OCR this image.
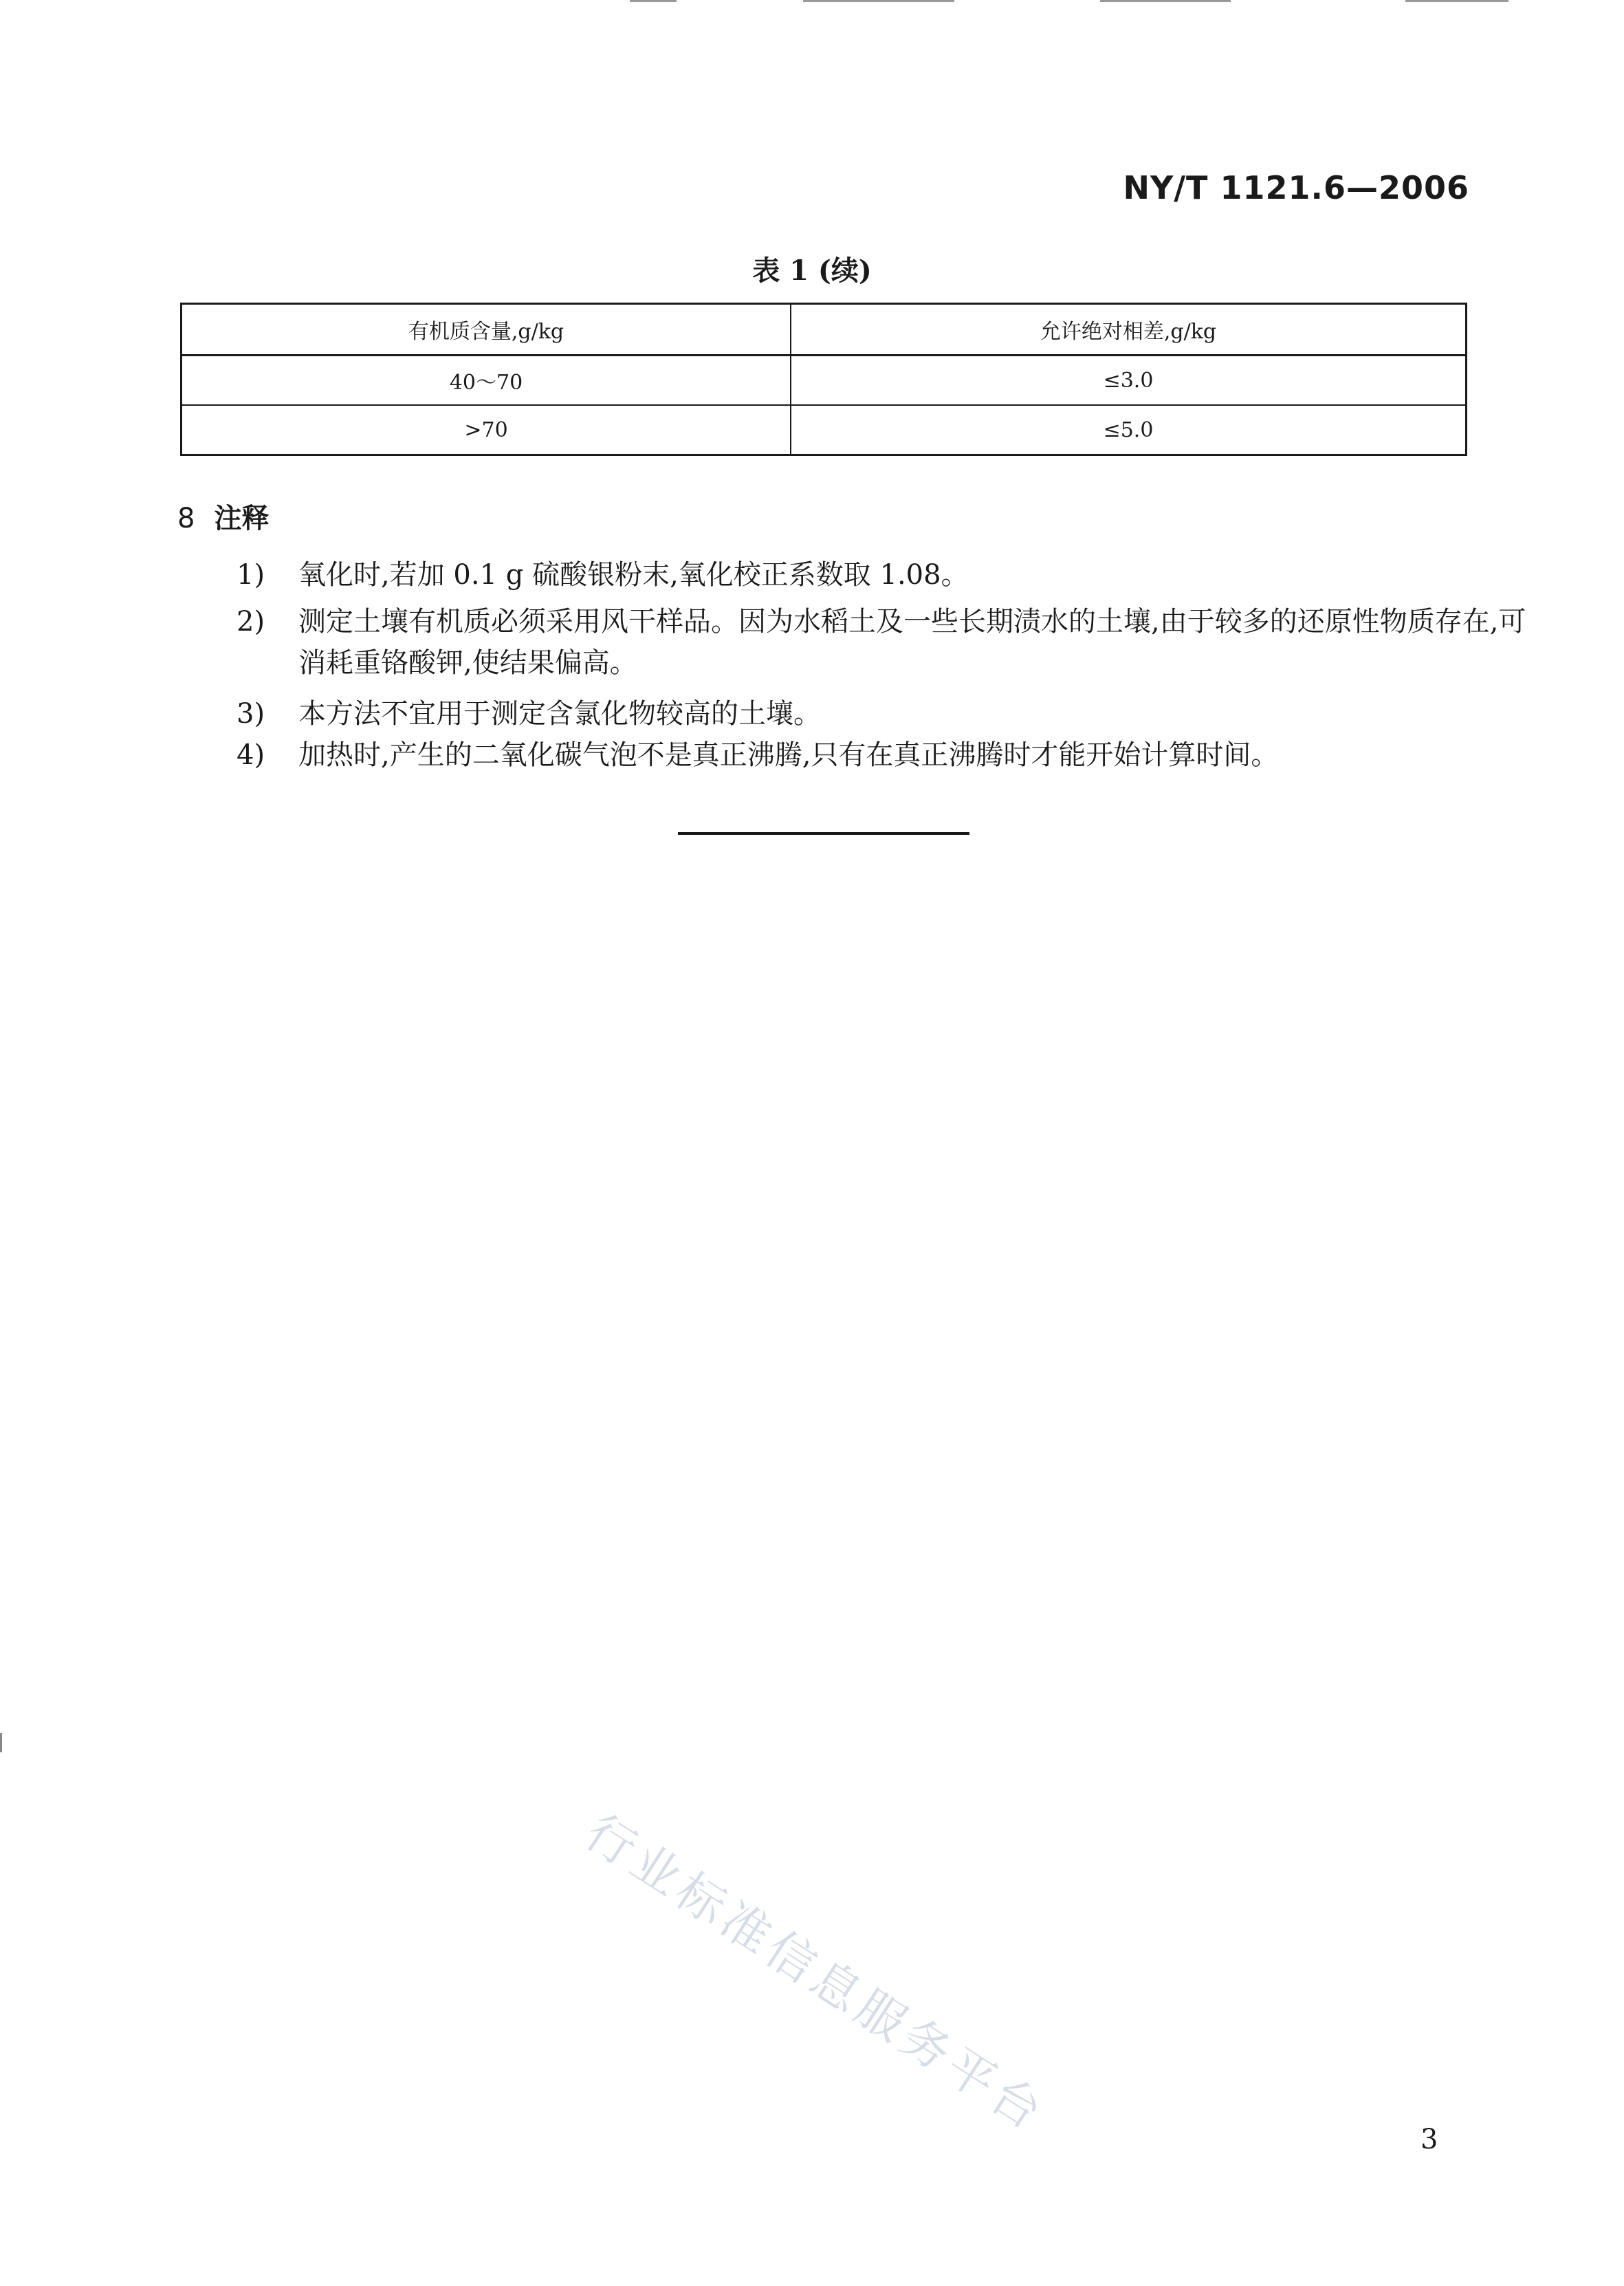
NY/T 1121.6—2006
表 1 (续)
有机质含量,g/kg	允许绝对相差,g/kg
40～70	≤3.0
>70	≤5.0
8 注释
1) 氧化时,若加 0.1 g 硫酸银粉末,氧化校正系数取 1.08。
2) 测定土壤有机质必须采用风干样品。因为水稻土及一些长期渍水的土壤,由于较多的还原性物质存在,可消耗重铬酸钾,使结果偏高。
3) 本方法不宜用于测定含氯化物较高的土壤。
4) 加热时,产生的二氧化碳气泡不是真正沸腾,只有在真正沸腾时才能开始计算时间。
行业标准信息服务平台	3
